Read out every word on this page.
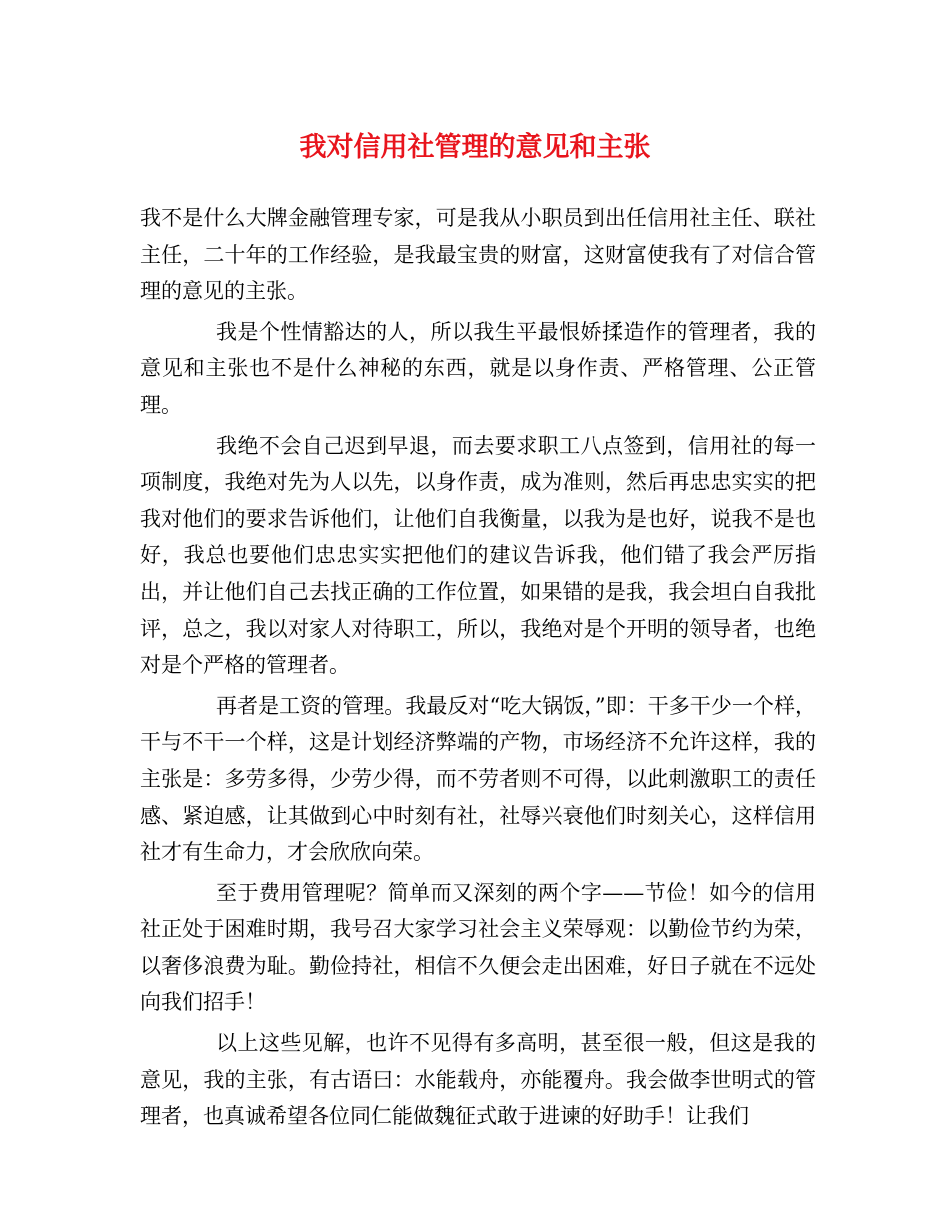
我对信用社管理的意见和主张

我不是什么大牌金融管理专家，可是我从小职员到出任信用社主任、联社主任，二十年的工作经验，是我最宝贵的财富，这财富使我有了对信合管理的意见的主张。

我是个性情豁达的人，所以我生平最恨娇揉造作的管理者，我的意见和主张也不是什么神秘的东西，就是以身作责、严格管理、公正管理。

我绝不会自己迟到早退，而去要求职工八点签到，信用社的每一项制度，我绝对先为人以先，以身作责，成为准则，然后再忠忠实实的把我对他们的要求告诉他们，让他们自我衡量，以我为是也好，说我不是也好，我总也要他们忠忠实实把他们的建议告诉我，他们错了我会严厉指出，并让他们自己去找正确的工作位置，如果错的是我，我会坦白自我批评，总之，我以对家人对待职工，所以，我绝对是个开明的领导者，也绝对是个严格的管理者。

再者是工资的管理。我最反对“吃大锅饭，”即：干多干少一个样，干与不干一个样，这是计划经济弊端的产物，市场经济不允许这样，我的主张是：多劳多得，少劳少得，而不劳者则不可得，以此刺激职工的责任感、紧迫感，让其做到心中时刻有社，社辱兴衰他们时刻关心，这样信用社才有生命力，才会欣欣向荣。

至于费用管理呢？简单而又深刻的两个字——节俭！如今的信用社正处于困难时期，我号召大家学习社会主义荣辱观：以勤俭节约为荣，以奢侈浪费为耻。勤俭持社，相信不久便会走出困难，好日子就在不远处向我们招手！

以上这些见解，也许不见得有多高明，甚至很一般，但这是我的意见，我的主张，有古语曰：水能载舟，亦能覆舟。我会做李世明式的管理者，也真诚希望各位同仁能做魏征式敢于进谏的好助手！让我们
